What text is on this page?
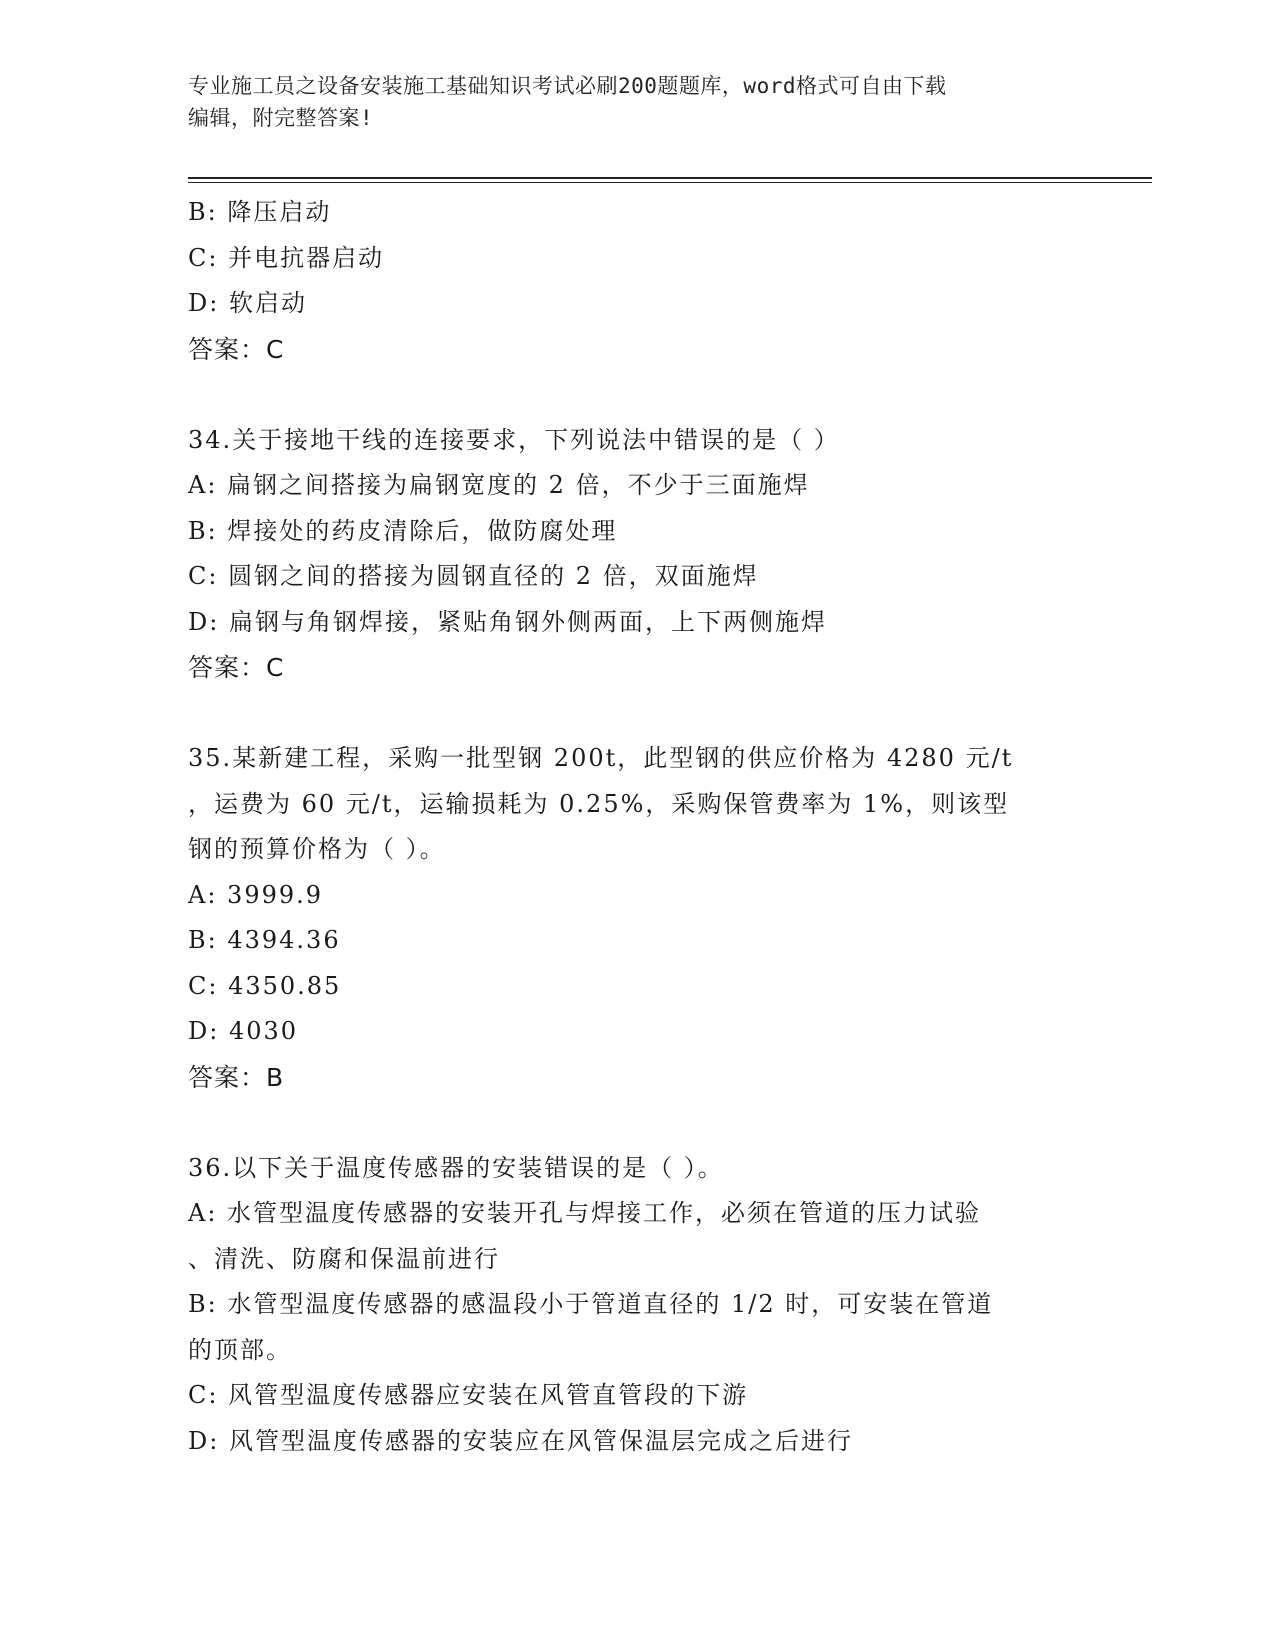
专业施工员之设备安装施工基础知识考试必刷200题题库，word格式可自由下载
编辑，附完整答案!
B: 降压启动
C: 并电抗器启动
D: 软启动
答案：C
34.关于接地干线的连接要求，下列说法中错误的是（ ）
A: 扁钢之间搭接为扁钢宽度的 2 倍，不少于三面施焊
B: 焊接处的药皮清除后，做防腐处理
C: 圆钢之间的搭接为圆钢直径的 2 倍，双面施焊
D: 扁钢与角钢焊接，紧贴角钢外侧两面，上下两侧施焊
答案：C
35.某新建工程，采购一批型钢 200t，此型钢的供应价格为 4280 元/t
，运费为 60 元/t，运输损耗为 0.25%，采购保管费率为 1%，则该型
钢的预算价格为（ ）。
A: 3999.9
B: 4394.36
C: 4350.85
D: 4030
答案：B
36.以下关于温度传感器的安装错误的是（ ）。
A: 水管型温度传感器的安装开孔与焊接工作，必须在管道的压力试验
、清洗、防腐和保温前进行
B: 水管型温度传感器的感温段小于管道直径的 1/2 时，可安装在管道
的顶部。
C: 风管型温度传感器应安装在风管直管段的下游
D: 风管型温度传感器的安装应在风管保温层完成之后进行
